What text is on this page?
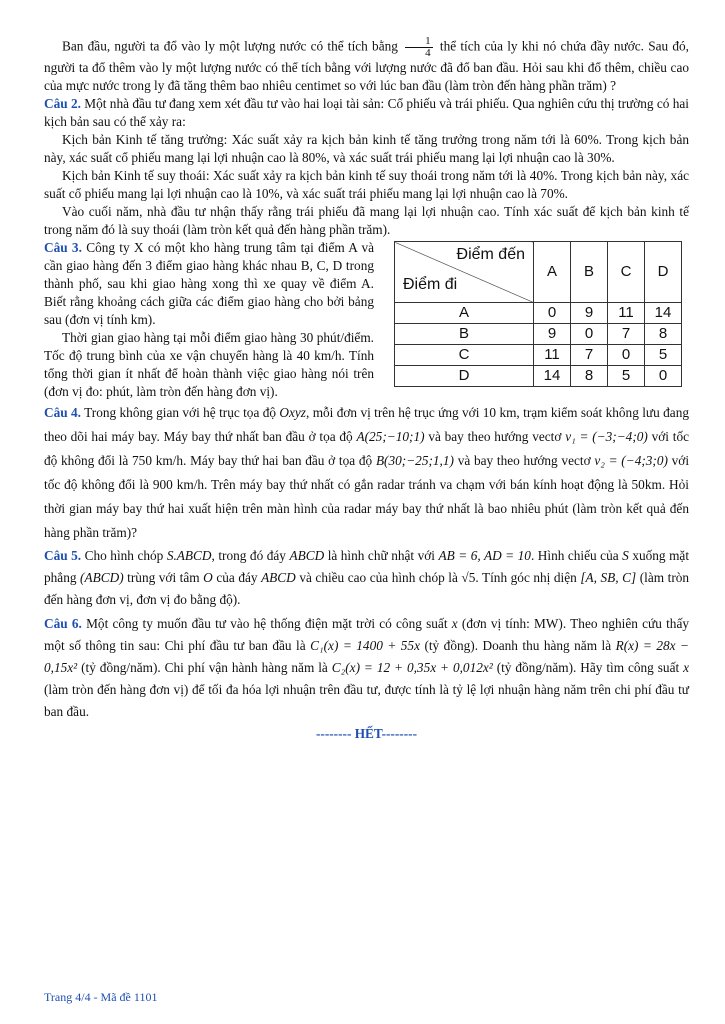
Ban đầu, người ta đổ vào ly một lượng nước có thể tích bằng $\frac{1}{4}$ thể tích của ly khi nó chứa đầy nước. Sau đó, người ta đổ thêm vào ly một lượng nước có thể tích bằng với lượng nước đã đổ ban đầu. Hỏi sau khi đổ thêm, chiều cao của mực nước trong ly đã tăng thêm bao nhiêu centimet so với lúc ban đầu (làm tròn đến hàng phần trăm) ?

Câu 2. Một nhà đầu tư đang xem xét đầu tư vào hai loại tài sản: Cổ phiếu và trái phiếu. Qua nghiên cứu thị trường có hai kịch bản sau có thể xảy ra:

Kịch bản Kinh tế tăng trưởng: Xác suất xảy ra kịch bản kinh tế tăng trưởng trong năm tới là 60%. Trong kịch bản này, xác suất cổ phiếu mang lại lợi nhuận cao là 80%, và xác suất trái phiếu mang lại lợi nhuận cao là 30%.

Kịch bản Kinh tế suy thoái: Xác suất xảy ra kịch bản kinh tế suy thoái trong năm tới là 40%. Trong kịch bản này, xác suất cổ phiếu mang lại lợi nhuận cao là 10%, và xác suất trái phiếu mang lại lợi nhuận cao là 70%.

Vào cuối năm, nhà đầu tư nhận thấy rằng trái phiếu đã mang lại lợi nhuận cao. Tính xác suất để kịch bản kinh tế trong năm đó là suy thoái (làm tròn kết quả đến hàng phần trăm).

Câu 3. Công ty X có một kho hàng trung tâm tại điểm A và cần giao hàng đến 3 điểm giao hàng khác nhau B, C, D trong thành phố, sau khi giao hàng xong thì xe quay về điểm A. Biết rằng khoảng cách giữa các điểm giao hàng cho bởi bảng sau (đơn vị tính km).

Thời gian giao hàng tại mỗi điểm giao hàng 30 phút/điểm. Tốc độ trung bình của xe vận chuyển hàng là 40 km/h. Tính tổng thời gian ít nhất để hoàn thành việc giao hàng nói trên (đơn vị đo: phút, làm tròn đến hàng đơn vị).

Điểm đến
Điểm đi	A	B	C	D
A	0	9	11	14
B	9	0	7	8
C	11	7	0	5
D	14	8	5	0

Câu 4. Trong không gian với hệ trục tọa độ Oxyz, mỗi đơn vị trên hệ trục ứng với 10 km, trạm kiểm soát không lưu đang theo dõi hai máy bay. Máy bay thứ nhất ban đầu ở tọa độ A(25;−10;1) và bay theo hướng vectơ v₁ = (−3;−4;0) với tốc độ không đổi là 750 km/h. Máy bay thứ hai ban đầu ở tọa độ B(30;−25;1,1) và bay theo hướng vectơ v₂ = (−4;3;0) với tốc độ không đổi là 900 km/h. Trên máy bay thứ nhất có gắn radar tránh va chạm với bán kính hoạt động là 50km. Hỏi thời gian máy bay thứ hai xuất hiện trên màn hình của radar máy bay thứ nhất là bao nhiêu phút (làm tròn kết quả đến hàng phần trăm)?

Câu 5. Cho hình chóp S.ABCD, trong đó đáy ABCD là hình chữ nhật với AB = 6, AD = 10. Hình chiếu của S xuống mặt phẳng (ABCD) trùng với tâm O của đáy ABCD và chiều cao của hình chóp là √5. Tính góc nhị diện [A, SB, C] (làm tròn đến hàng đơn vị, đơn vị đo bằng độ).

Câu 6. Một công ty muốn đầu tư vào hệ thống điện mặt trời có công suất x (đơn vị tính: MW). Theo nghiên cứu thấy một số thông tin sau: Chi phí đầu tư ban đầu là C₁(x) = 1400 + 55x (tỷ đồng). Doanh thu hàng năm là R(x) = 28x − 0,15x² (tỷ đồng/năm). Chi phí vận hành hàng năm là C₂(x) = 12 + 0,35x + 0,012x² (tỷ đồng/năm). Hãy tìm công suất x (làm tròn đến hàng đơn vị) để tối đa hóa lợi nhuận trên đầu tư, được tính là tỷ lệ lợi nhuận hàng năm trên chi phí đầu tư ban đầu.

-------- HẾT--------

Trang 4/4 - Mã đề 1101
